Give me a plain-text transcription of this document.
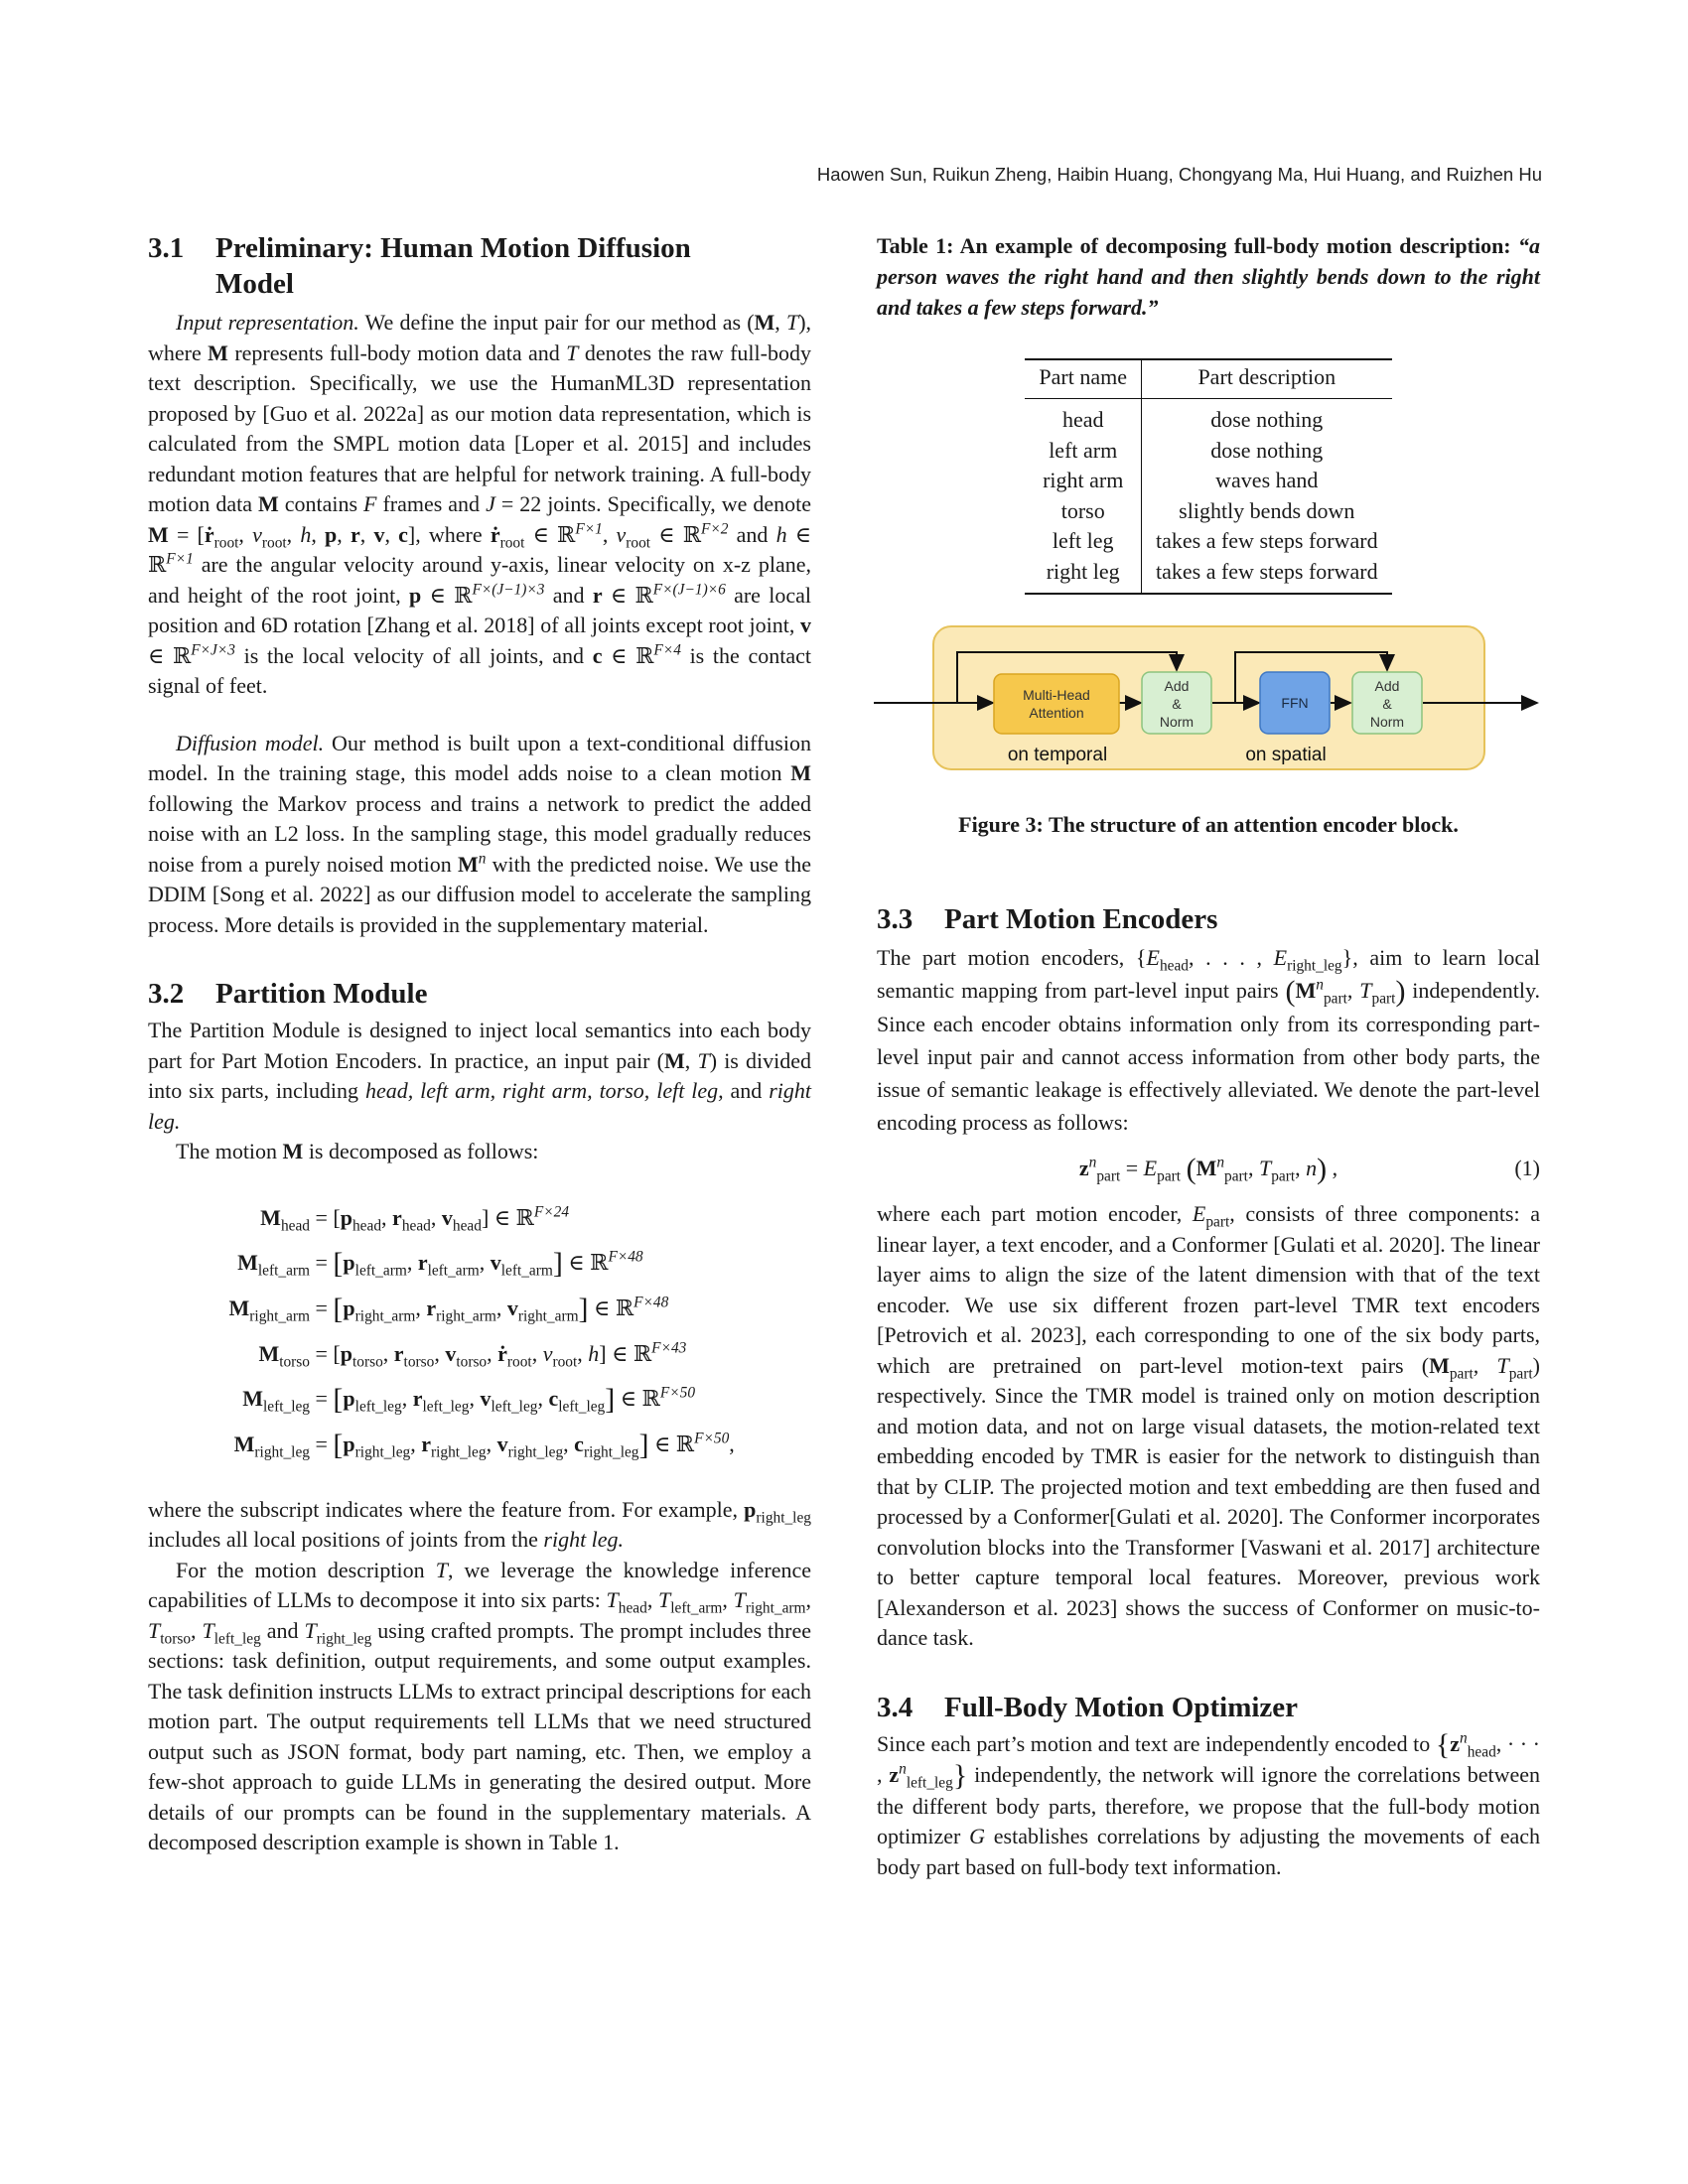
Haowen Sun, Ruikun Zheng, Haibin Huang, Chongyang Ma, Hui Huang, and Ruizhen Hu
3.1 Preliminary: Human Motion Diffusion
Model

Input representation. We define the input pair for our method as (M, T), where M represents full-body motion data and T denotes the raw full-body text description. Specifically, we use the HumanML3D representation proposed by [Guo et al. 2022a] as our motion data representation, which is calculated from the SMPL motion data [Loper et al. 2015] and includes redundant motion features that are helpful for network training. A full-body motion data M contains F frames and J = 22 joints. Specifically, we denote M = [ṙ$_{root}$, $v_{root}$, h, p, r, v, c], where ṙ$_{root}$ ∈ ℝ$^{F\times 1}$, $v_{root}$ ∈ ℝ$^{F\times 2}$ and h ∈ ℝ$^{F\times 1}$ are the angular velocity around y-axis, linear velocity on x-z plane, and height of the root joint, p ∈ ℝ$^{F\times(J-1)\times 3}$ and r ∈ ℝ$^{F\times(J-1)\times 6}$ are local position and 6D rotation [Zhang et al. 2018] of all joints except root joint, v ∈ ℝ$^{F\times J\times 3}$ is the local velocity of all joints, and c ∈ ℝ$^{F\times 4}$ is the contact signal of feet.

Diffusion model. Our method is built upon a text-conditional diffusion model. In the training stage, this model adds noise to a clean motion M following the Markov process and trains a network to predict the added noise with an L2 loss. In the sampling stage, this model gradually reduces noise from a purely noised motion $M^n$ with the predicted noise. We use the DDIM [Song et al. 2022] as our diffusion model to accelerate the sampling process. More details is provided in the supplementary material.

3.2 Partition Module

The Partition Module is designed to inject local semantics into each body part for Part Motion Encoders. In practice, an input pair (M, T) is divided into six parts, including head, left arm, right arm, torso, left leg, and right leg.

The motion M is decomposed as follows:

$M_{head} = [p_{head}$, $r_{head}$, $v_{head}$] ∈ ℝ$^{F\times 24}$
$M_{left\_arm} = [p_{left\_arm}$, $r_{left\_arm}$, $v_{left\_arm}$] ∈ ℝ$^{F\times 48}$
$M_{right\_arm} = [p_{right\_arm}$, $r_{right\_arm}$, $v_{right\_arm}$] ∈ ℝ$^{F\times 48}$
$M_{torso} = [p_{torso}$, $r_{torso}$, $v_{torso}$, ṙ$_{root}$, $v_{root}$, h] ∈ ℝ$^{F\times 43}$
$M_{left\_leg} = [p_{left\_leg}$, $r_{left\_leg}$, $v_{left\_leg}$, $c_{left\_leg}$] ∈ ℝ$^{F\times 50}$
$M_{right\_leg} = [p_{right\_leg}$, $r_{right\_leg}$, $v_{right\_leg}$, $c_{right\_leg}$] ∈ ℝ$^{F\times 50}$,

where the subscript indicates where the feature from. For example, $p_{right\_leg}$ includes all local positions of joints from the right leg.

For the motion description T, we leverage the knowledge inference capabilities of LLMs to decompose it into six parts: $T_{head}$, $T_{left\_arm}$, $T_{right\_arm}$, $T_{torso}$, $T_{left\_leg}$ and $T_{right\_leg}$ using crafted prompts. The prompt includes three sections: task definition, output requirements, and some output examples. The task definition instructs LLMs to extract principal descriptions for each motion part. The output requirements tell LLMs that we need structured output such as JSON format, body part naming, etc. Then, we employ a few-shot approach to guide LLMs in generating the desired output. More details of our prompts can be found in the supplementary materials. A decomposed description example is shown in Table 1.

Table 1: An example of decomposing full-body motion description: “a person waves the right hand and then slightly bends down to the right and takes a few steps forward.”
Part name	Part description
head	dose nothing
left arm	dose nothing
right arm	waves hand
torso	slightly bends down
left leg	takes a few steps forward
right leg	takes a few steps forward
Multi-Head
Attention
Add
&
Norm
FFN
Add
&
Norm
on temporal	on spatial
Figure 3: The structure of an attention encoder block.
3.3 Part Motion Encoders

The part motion encoders, {$E_{head}$, . . . , $E_{right\_leg}$}, aim to learn local semantic mapping from part-level input pairs ($M^n_{part}$, $T_{part}$) independently. Since each encoder obtains information only from its corresponding part-level input pair and cannot access information from other body parts, the issue of semantic leakage is effectively alleviated. We denote the part-level encoding process as follows:

$z^n_{part} = E_{part}$ ($M^n_{part}$, $T_{part}$, n) ,	(1)

where each part motion encoder, $E_{part}$, consists of three components: a linear layer, a text encoder, and a Conformer [Gulati et al. 2020]. The linear layer aims to align the size of the latent dimension with that of the text encoder. We use six different frozen part-level TMR text encoders [Petrovich et al. 2023], each corresponding to one of the six body parts, which are pretrained on part-level motion-text pairs ($M_{part}$, $T_{part}$) respectively. Since the TMR model is trained only on motion description and motion data, and not on large visual datasets, the motion-related text embedding encoded by TMR is easier for the network to distinguish than that by CLIP. The projected motion and text embedding are then fused and processed by a Conformer[Gulati et al. 2020]. The Conformer incorporates convolution blocks into the Transformer [Vaswani et al. 2017] architecture to better capture temporal local features. Moreover, previous work [Alexanderson et al. 2023] shows the success of Conformer on music-to-dance task.

3.4 Full-Body Motion Optimizer

Since each part’s motion and text are independently encoded to {$z^n_{head}$, · · · , $z^n_{left\_leg}$} independently, the network will ignore the correlations between the different body parts, therefore, we propose that the full-body motion optimizer G establishes correlations by adjusting the movements of each body part based on full-body text information.
